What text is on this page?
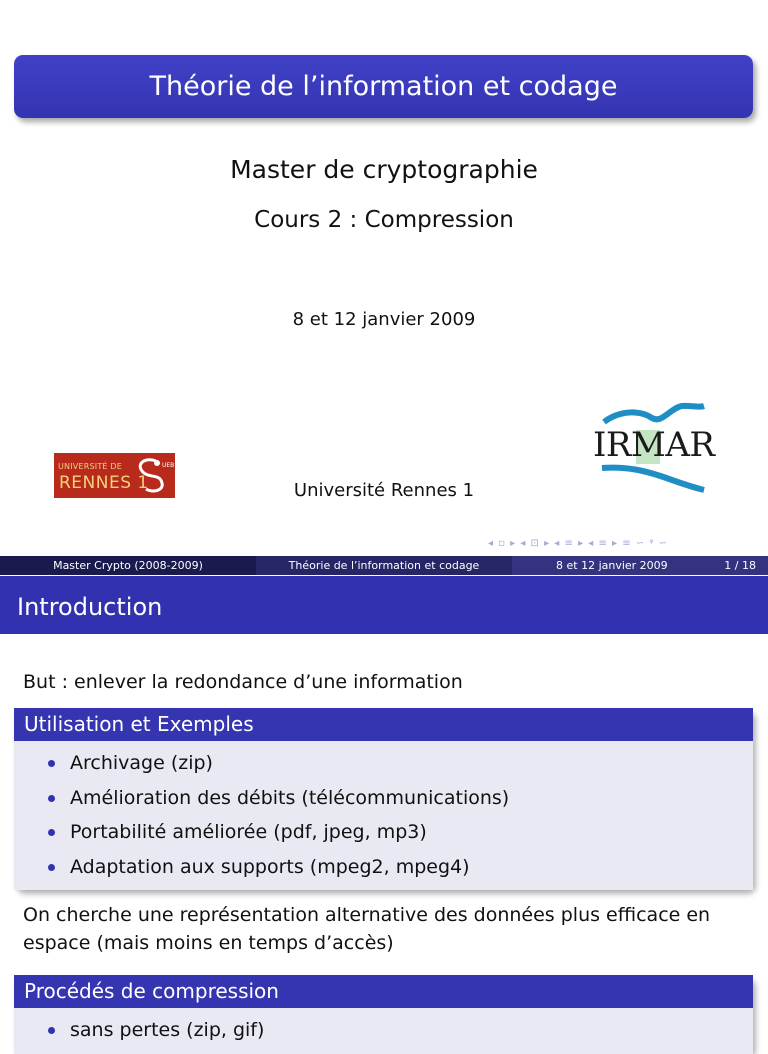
Théorie de l’information et codage
Master de cryptographie
Cours 2 : Compression
8 et 12 janvier 2009
UNIVERSITÉ DE
RENNES 1
UEB
IRMAR
Université Rennes 1
◂ ▫ ▸ ◂ ⊡ ▸ ◂ ≡ ▸ ◂ ≡ ▸ ≡ ∽ ᵠ ∽
Master Crypto (2008-2009)	Théorie de l’information et codage	8 et 12 janvier 2009	1 / 18
Introduction
But : enlever la redondance d’une information
Utilisation et Exemples
Archivage (zip)
Amélioration des débits (télécommunications)
Portabilité améliorée (pdf, jpeg, mp3)
Adaptation aux supports (mpeg2, mpeg4)
On cherche une représentation alternative des données plus efficace en espace (mais moins en temps d’accès)
Procédés de compression
sans pertes (zip, gif)
